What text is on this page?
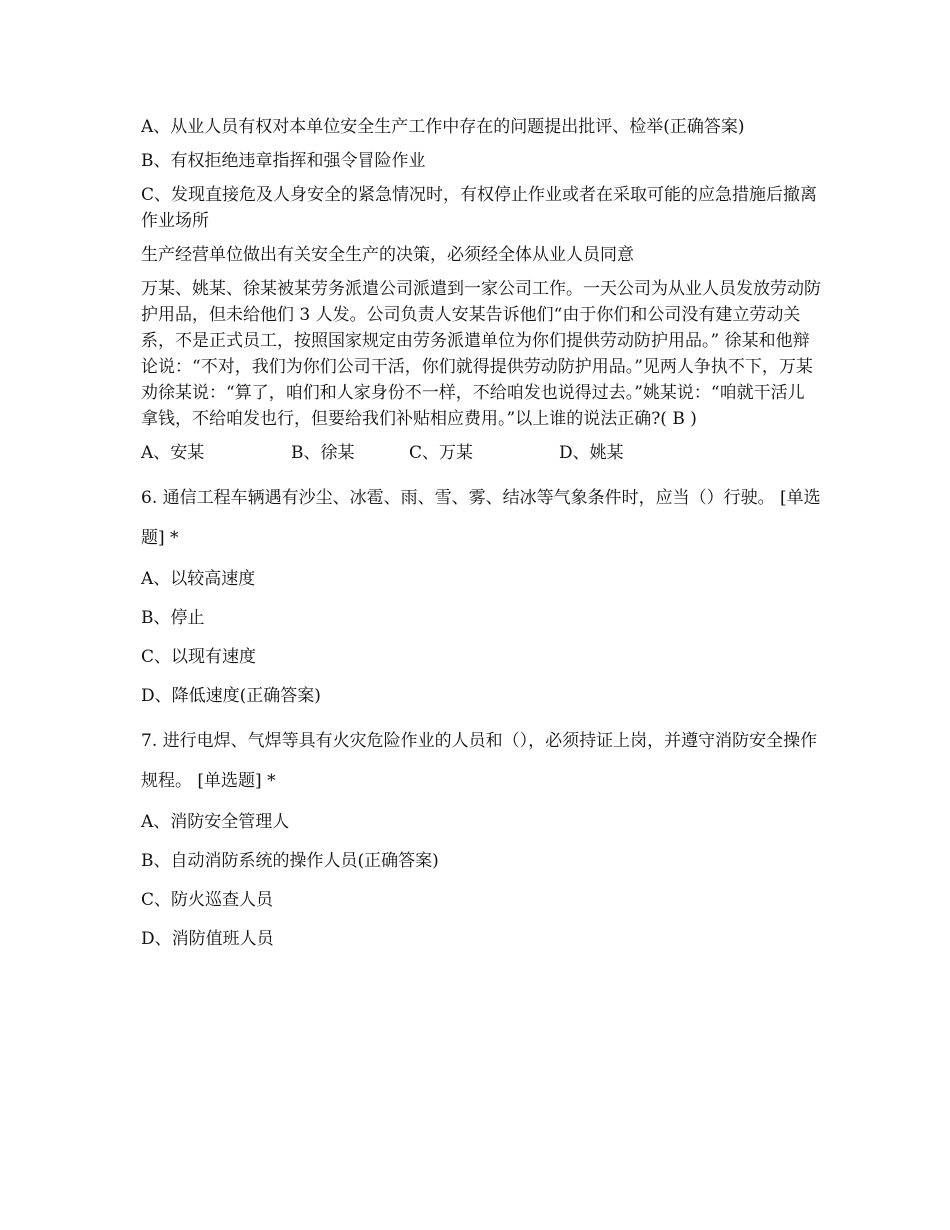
A、从业人员有权对本单位安全生产工作中存在的问题提出批评、检举(正确答案)

B、有权拒绝违章指挥和强令冒险作业

C、发现直接危及人身安全的紧急情况时，有权停止作业或者在采取可能的应急措施后撤离作业场所

生产经营单位做出有关安全生产的决策，必须经全体从业人员同意

万某、姚某、徐某被某劳务派遣公司派遣到一家公司工作。一天公司为从业人员发放劳动防护用品，但未给他们 3 人发。公司负责人安某告诉他们“由于你们和公司没有建立劳动关系，不是正式员工，按照国家规定由劳务派遣单位为你们提供劳动防护用品。” 徐某和他辩论说：“不对，我们为你们公司干活，你们就得提供劳动防护用品。”见两人争执不下，万某劝徐某说：“算了，咱们和人家身份不一样，不给咱发也说得过去。”姚某说：“咱就干活儿拿钱，不给咱发也行，但要给我们补贴相应费用。”以上谁的说法正确?( B )

A、安某	B、徐某	C、万某	D、姚某

6. 通信工程车辆遇有沙尘、冰雹、雨、雪、雾、结冰等气象条件时，应当（）行驶。 [单选题] *

A、以较高速度

B、停止

C、以现有速度

D、降低速度(正确答案)

7. 进行电焊、气焊等具有火灾危险作业的人员和（），必须持证上岗，并遵守消防安全操作规程。 [单选题] *

A、消防安全管理人

B、自动消防系统的操作人员(正确答案)

C、防火巡查人员

D、消防值班人员
